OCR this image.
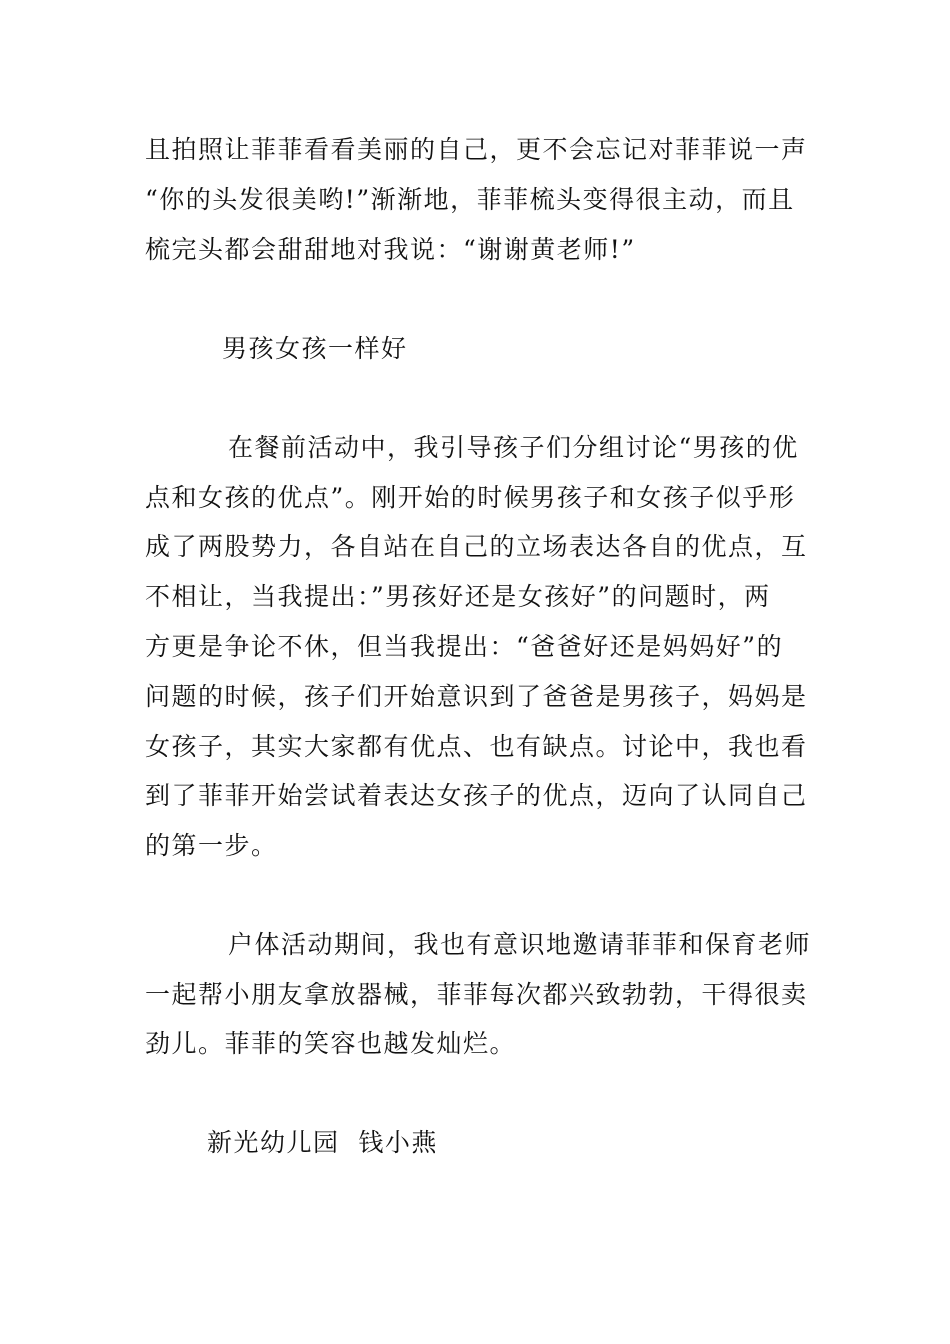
且拍照让菲菲看看美丽的自己，更不会忘记对菲菲说一声
“你的头发很美哟!”渐渐地，菲菲梳头变得很主动，而且
梳完头都会甜甜地对我说：“谢谢黄老师!”
男孩女孩一样好
在餐前活动中，我引导孩子们分组讨论“男孩的优
点和女孩的优点”。刚开始的时候男孩子和女孩子似乎形
成了两股势力，各自站在自己的立场表达各自的优点，互
不相让，当我提出：”男孩好还是女孩好”的问题时，两
方更是争论不休，但当我提出：“爸爸好还是妈妈好”的
问题的时候，孩子们开始意识到了爸爸是男孩子，妈妈是
女孩子，其实大家都有优点、也有缺点。讨论中，我也看
到了菲菲开始尝试着表达女孩子的优点，迈向了认同自己
的第一步。
户体活动期间，我也有意识地邀请菲菲和保育老师
一起帮小朋友拿放器械，菲菲每次都兴致勃勃，干得很卖
劲儿。菲菲的笑容也越发灿烂。
新光幼儿园  钱小燕
